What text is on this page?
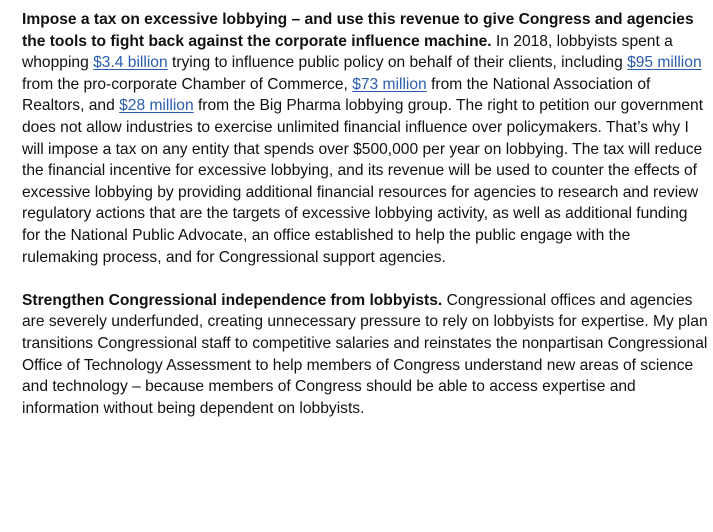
Impose a tax on excessive lobbying – and use this revenue to give Congress and agencies the tools to fight back against the corporate influence machine. In 2018, lobbyists spent a whopping $3.4 billion trying to influence public policy on behalf of their clients, including $95 million from the pro-corporate Chamber of Commerce, $73 million from the National Association of Realtors, and $28 million from the Big Pharma lobbying group. The right to petition our government does not allow industries to exercise unlimited financial influence over policymakers. That’s why I will impose a tax on any entity that spends over $500,000 per year on lobbying. The tax will reduce the financial incentive for excessive lobbying, and its revenue will be used to counter the effects of excessive lobbying by providing additional financial resources for agencies to research and review regulatory actions that are the targets of excessive lobbying activity, as well as additional funding for the National Public Advocate, an office established to help the public engage with the rulemaking process, and for Congressional support agencies.

Strengthen Congressional independence from lobbyists. Congressional offices and agencies are severely underfunded, creating unnecessary pressure to rely on lobbyists for expertise. My plan transitions Congressional staff to competitive salaries and reinstates the nonpartisan Congressional Office of Technology Assessment to help members of Congress understand new areas of science and technology – because members of Congress should be able to access expertise and information without being dependent on lobbyists.
